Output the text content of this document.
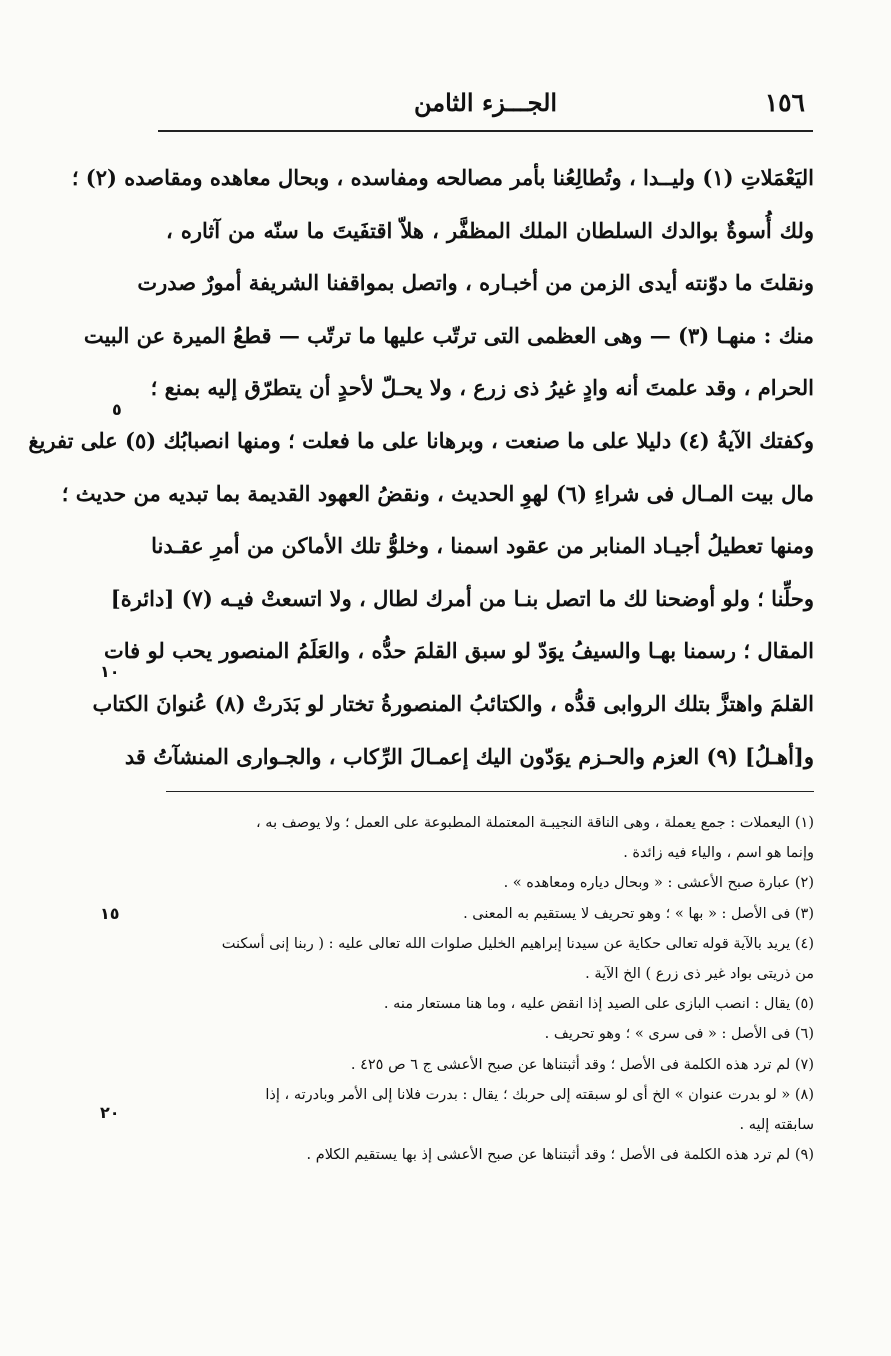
١٥٦
الجـــزء الثامن
اليَعْمَلاتِ (١) وليــدا ، وتُطالِعُنا بأمر مصالحه ومفاسده ، وبحال معاهده ومقاصده (٢) ؛
ولك أُسوةٌ بوالدك السلطان الملك المظفَّر ، هلاّ اقتفَيتَ ما سنّه من آثاره ،
ونقلتَ ما دوّنته أيدى الزمن من أخبـاره ، واتصل بمواقفنا الشريفة أمورٌ صدرت
منك : منهـا (٣) — وهى العظمى التى ترتّب عليها ما ترتّب — قطعُ الميرة عن البيت
الحرام ، وقد علمتَ أنه وادٍ غيرُ ذى زرع ، ولا يحـلّ لأحدٍ أن يتطرّق إليه بمنع ؛
وكفتك الآيةُ (٤) دليلا على ما صنعت ، وبرهانا على ما فعلت ؛ ومنها انصبابُك (٥) على تفريغ
مال بيت المـال فى شراءِ (٦) لهوِ الحديث ، ونقضُ العهود القديمة بما تبديه من حديث ؛
ومنها تعطيلُ أجيـاد المنابر من عقود اسمنا ، وخلوُّ تلك الأماكن من أمرِ عقـدنا
وحلِّنا ؛ ولو أوضحنا لك ما اتصل بنـا من أمرك لطال ، ولا اتسعتْ فيـه (٧) [دائرة]
المقال ؛ رسمنا بهـا والسيفُ يوَدّ لو سبق القلمَ حدُّه ، والعَلَمُ المنصور يحب لو فات
القلمَ واهتزَّ بتلك الروابى قدُّه ، والكتائبُ المنصورةُ تختار لو بَدَرتْ (٨) عُنوانَ الكتاب
و[أهـلُ] (٩) العزم والحـزم يوَدّون اليك إعمـالَ الرِّكاب ، والجـوارى المنشآتُ قد
(١) اليعملات : جمع يعملة ، وهى الناقة النجيبـة المعتملة المطبوعة على العمل ؛ ولا يوصف به ،
وإنما هو اسم ، والياء فيه زائدة .
(٢) عبارة صبح الأعشى : « وبحال دياره ومعاهده » .
(٣) فى الأصل : « بها » ؛ وهو تحريف لا يستقيم به المعنى .
(٤) يريد بالآية قوله تعالى حكاية عن سيدنا إبراهيم الخليل صلوات الله تعالى عليه : ( ربنا إنى أسكنت
من ذريتى بواد غير ذى زرع ) الخ الآية .
(٥) يقال : انصب البازى على الصيد إذا انقض عليه ، وما هنا مستعار منه .
(٦) فى الأصل : « فى سرى » ؛ وهو تحريف .
(٧) لم ترد هذه الكلمة فى الأصل ؛ وقد أثبتناها عن صبح الأعشى ج ٦ ص ٤٢٥ .
(٨) « لو بدرت عنوان » الخ أى لو سبقته إلى حربك ؛ يقال : بدرت فلانا إلى الأمر وبادرته ، إذا
سابقته إليه .
(٩) لم ترد هذه الكلمة فى الأصل ؛ وقد أثبتناها عن صبح الأعشى إذ بها يستقيم الكلام .
٥
١٠
١٥
٢٠
